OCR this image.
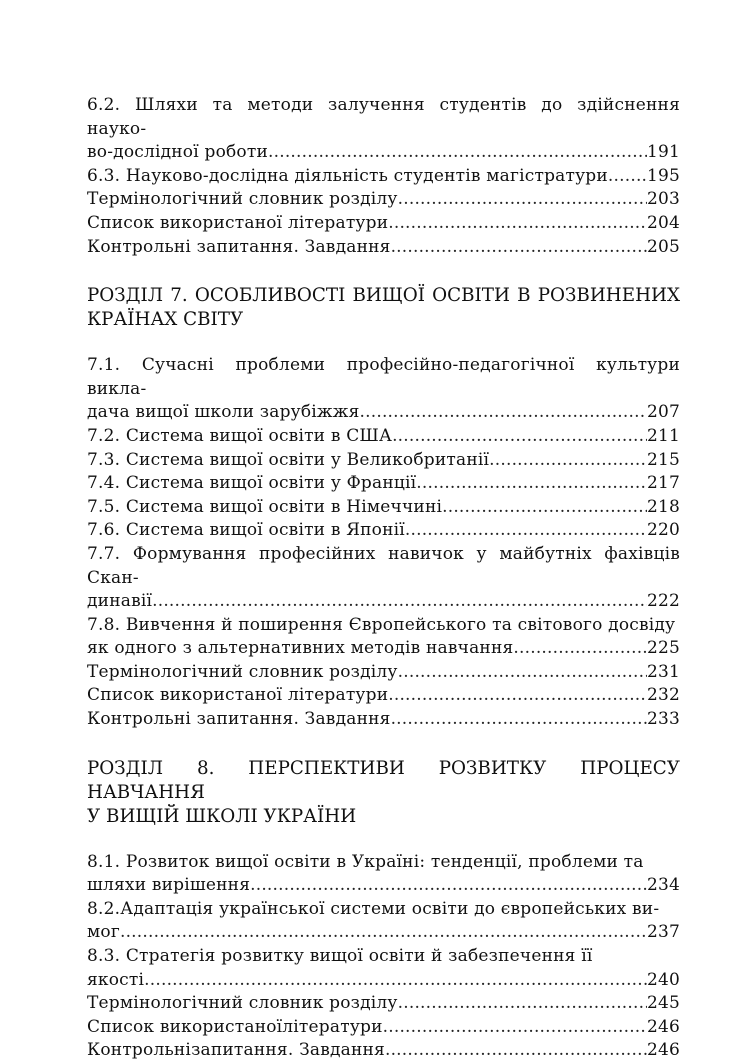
6.2. Шляхи та методи залучення студентів до здійснення науко-
во-дослідної роботи .....	191
6.3. Науково-дослідна діяльність студентів магістратури ..... 195
Термінологічний словник розділу .....	203
Список використаної літератури .....	204
Контрольні запитання. Завдання .....	205
РОЗДІЛ 7. ОСОБЛИВОСТІ ВИЩОЇ ОСВІТИ В РОЗВИНЕНИХ
КРАЇНАХ СВІТУ
7.1. Сучасні проблеми професійно-педагогічної культури викла-
дача вищої школи зарубіжжя .....	207
7.2. Система вищої освіти в США .....	211
7.3. Система вищої освіти у Великобританії .....	215
7.4. Система вищої освіти у Франції .....	217
7.5. Система вищої освіти в Німеччині .....	218
7.6. Система вищої освіти в Японії .....	220
7.7. Формування професійних навичок у майбутніх фахівців Скан-
динавії .....	222
7.8. Вивчення й поширення Європейського та світового досвіду
як одного з альтернативних методів навчання .....	225
Термінологічний словник розділу .....	231
Список використаної літератури .....	232
Контрольні запитання. Завдання .....	233
РОЗДІЛ 8. ПЕРСПЕКТИВИ РОЗВИТКУ ПРОЦЕСУ НАВЧАННЯ
У ВИЩІЙ ШКОЛІ УКРАЇНИ
8.1. Розвиток вищої освіти в Україні: тенденції, проблеми та
шляхи вирішення .....	234
8.2.Адаптація української системи освіти до європейських ви-
мог .....	237
8.3. Стратегія розвитку вищої освіти й забезпечення її
якості .....	240
Термінологічний словник розділу .....	245
Список використаноїлітератури .....	246
Контрольнізапитання. Завдання .....	246
